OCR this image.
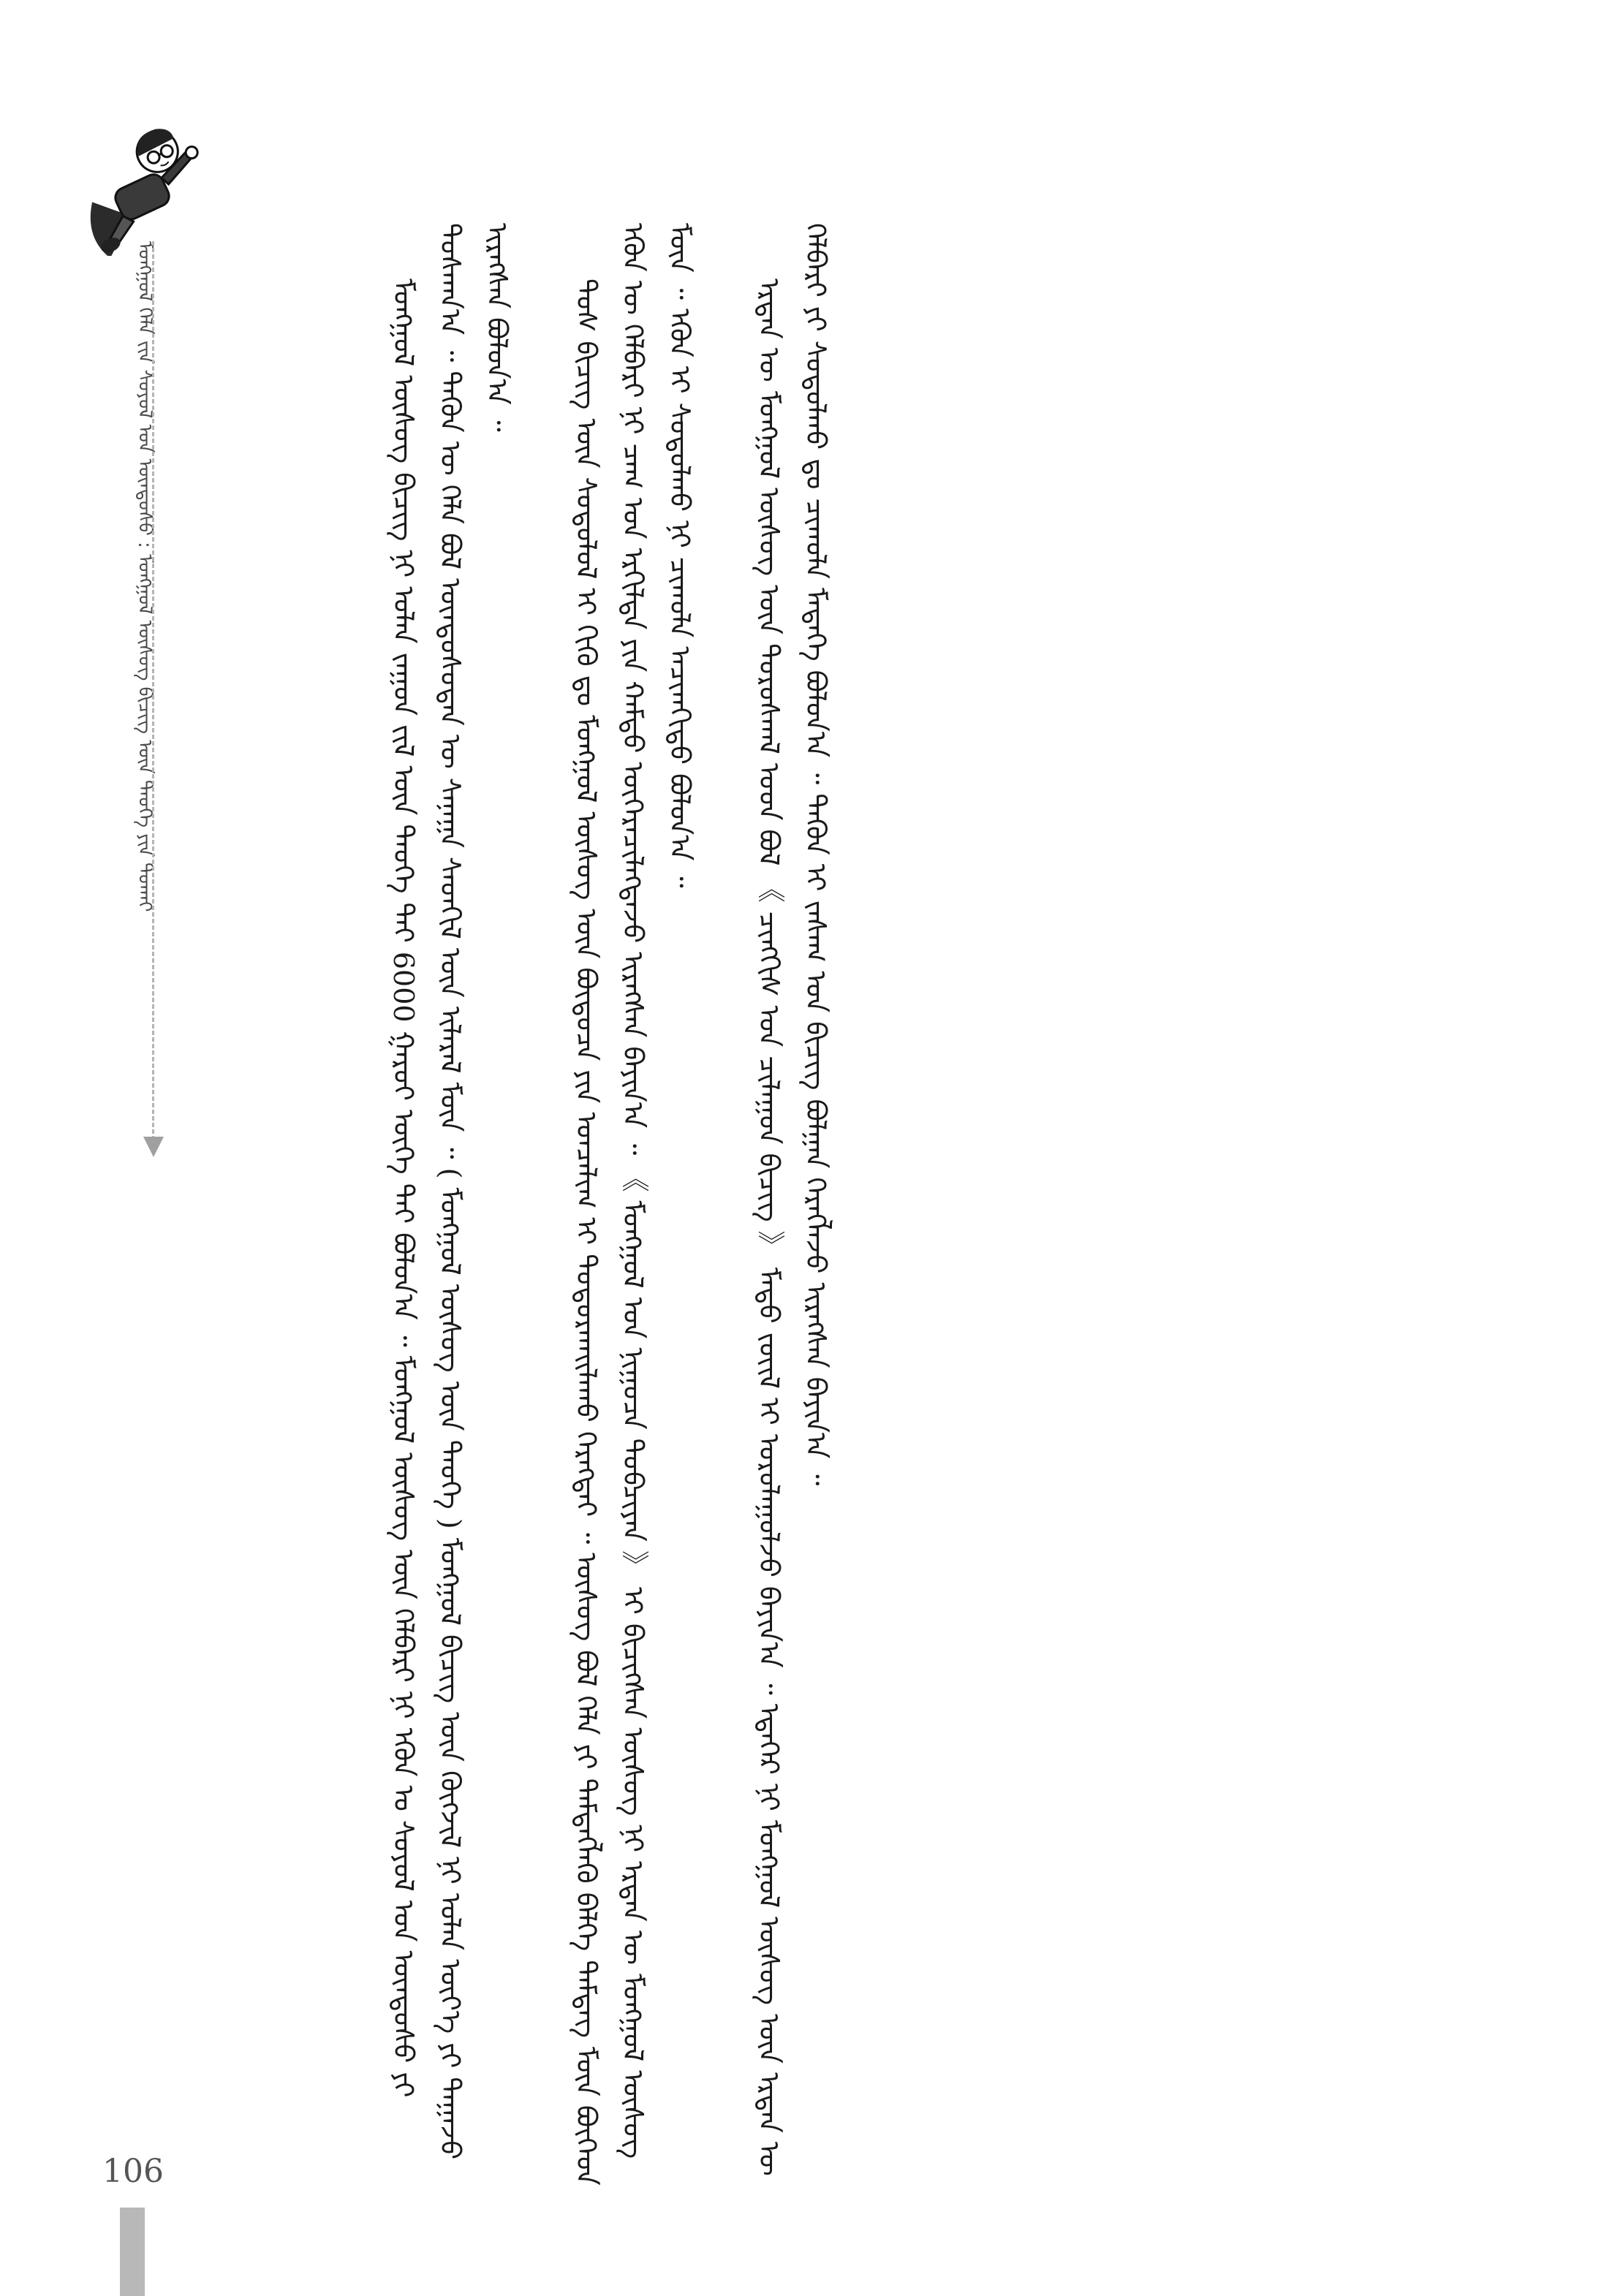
ᠮᠣᠩᠭᠣᠯ ᠬᠡᠯᠡ ᠵᠢᠨ ᠰᠣᠶᠣᠯ ᠤᠨ ᠦᠨᠳᠦᠰᠦ : ᠮᠣᠩᠭᠣᠯ ᠦᠰᠦᠭ ᠪᠢᠴᠢᠭ᠌ ᠦᠨ ᠲᠡᠦᠬᠡ ᠶᠢᠨ ᠲᠤᠬᠠᠢ	ᠮᠣᠩᠭᠣᠯ ᠦᠰᠦᠭ ᠪᠢᠴᠢᠭ ᠨᠢ ᠣᠯᠠᠨ ᠵᠠᠭᠤᠨ ᠵᠢᠯ ᠦᠨ ᠲᠡᠦᠬᠡ ᠲᠠᠢ 6000 ᠭᠠᠷᠤᠢ ᠦᠭᠡ ᠲᠠᠢ ᠪᠣᠯᠤᠨ᠎ᠠ ᠃ ᠮᠣᠩᠭᠣᠯ ᠦᠰᠦᠭ ᠦᠨ ᠬᠡᠯᠪᠡᠷᠢ ᠨᠢ ᠡᠭᠦᠨ ᠤ ᠰᠣᠶᠣᠯ ᠤᠨ ᠦᠨᠳᠦᠰᠦ ᠶᠢ ᠲᠤᠰᠬᠠᠨ᠎ᠠ ᠃ ᠲᠡᠭᠦᠨ ᠦ ᠬᠡᠯᠡ ᠪᠣᠯ ᠦᠨᠳᠦᠰᠦᠲᠡᠨ ᠦ ᠰᠠᠨᠠᠭᠠ ᠰᠡᠳᠬᠢᠯ ᠦᠨ ᠢᠯᠡᠷᠡᠯ ᠮᠥᠨ ᠃ ( ᠮᠣᠩᠭᠣᠯ ᠦᠰᠦᠭ ᠦᠨ ᠲᠡᠦᠬᠡ ) ᠮᠣᠩᠭᠣᠯ ᠪᠢᠴᠢᠭ ᠦᠨ ᠬᠥᠭᠵᠢᠯ ᠨᠢ ᠣᠯᠠᠨ ᠦᠶ᠎ᠡ ᠶᠢ ᠳᠠᠭᠠᠵᠤ ᠢᠷᠡᠭᠰᠡᠨ ᠪᠣᠯᠤᠨ᠎ᠠ ᠃ ᠲᠤᠰ ᠪᠢᠴᠢᠭ ᠦᠨ ᠰᠤᠳᠤᠯᠤᠯ ᠢ ᠬᠢᠬᠦ ᠳᠤ ᠮᠣᠩᠭᠣᠯ ᠦᠰᠦᠭ ᠦᠨ ᠪᠦᠲᠦᠴᠡ ᠶᠢᠨ ᠣᠨᠴᠠᠯᠢᠭ ᠢ ᠲᠣᠳᠣᠷᠬᠠᠢᠯᠠᠬᠤ ᠬᠡᠷᠡᠭᠲᠡᠢ ᠃ ᠦᠰᠦᠭ ᠪᠣᠯ ᠬᠡᠯᠡ ᠶᠢ ᠲᠡᠮᠳᠡᠭᠯᠡᠬᠦ ᠪᠡᠯᠭᠡ ᠲᠡᠮᠳᠡᠭ ᠮᠥᠨ ᠪᠥᠭᠡᠳ ᠡᠭᠦᠨ ᠦ ᠬᠡᠯᠪᠡᠷᠢ ᠨᠢ ᠴᠠᠭ ᠤᠨ ᠡᠷᠭᠢᠯᠲᠡ ᠶᠢᠨ ᠬᠠᠮᠲᠤ ᠥᠭᠡᠷᠡᠴᠢᠯᠡᠭᠳᠡᠵᠦ ᠢᠷᠡᠭᠰᠡᠨ ᠪᠠᠶᠢᠨ᠎ᠠ ᠃ 《 ᠮᠣᠩᠭᠣᠯ ᠤᠨ ᠨᠢᠭᠤᠴᠠ ᠲᠤᠪᠴᠢᠶᠠᠨ 》 ᠢ ᠪᠢᠴᠢᠭᠰᠡᠨ ᠦᠰᠦᠭ ᠨᠢ ᠡᠷᠲᠡᠨ ᠦ ᠮᠣᠩᠭᠣᠯ ᠦᠰᠦᠭ ᠮᠥᠨ ᠃ ᠡᠭᠦᠨ ᠢ ᠰᠤᠳᠤᠯᠬᠤ ᠨᠢ ᠴᠢᠬᠤᠯᠠ ᠠᠴᠢᠬᠬᠢᠲᠤ ᠪᠣᠯᠤᠨ᠎ᠠ ᠃ ᠡᠷᠲᠡᠨ ᠦ ᠮᠣᠩᠭᠣᠯ ᠦᠰᠦᠭ ᠦᠨ ᠳᠤᠷᠤᠰᠬᠠᠯ ᠤᠳ ᠪᠣᠯ 《 ᠴᠢᠩᠭᠢᠰ ᠤᠨ ᠴᠢᠯᠠᠭᠤᠨ ᠪᠢᠴᠢᠭ 》 ᠮᠡᠲᠦ ᠵᠦᠢᠯ ᠢ ᠣᠷᠣᠯᠠᠭᠤᠯᠵᠤ ᠪᠠᠶᠢᠨ᠎ᠠ ᠃ ᠡᠳᠡᠭᠡᠷ ᠨᠢ ᠮᠣᠩᠭᠣᠯ ᠦᠰᠦᠭ ᠦᠨ ᠡᠷᠲᠡᠨ ᠦ ᠬᠡᠯᠪᠡᠷᠢ ᠶᠢ ᠰᠤᠳᠤᠯᠬᠤ ᠳᠤ ᠴᠢᠬᠤᠯᠠ ᠮᠡᠳᠡᠭᠡ ᠪᠣᠯᠤᠨ᠎ᠠ ᠃ ᠲᠡᠭᠦᠨ ᠢ ᠵᠠᠰᠠᠭ ᠤᠨ ᠪᠢᠴᠢᠭ ᠪᠣᠯᠭᠠᠨ ᠬᠡᠷᠡᠭᠯᠡᠵᠦ ᠢᠷᠡᠭᠰᠡᠨ ᠪᠠᠶᠢᠨ᠎ᠠ ᠃

106
